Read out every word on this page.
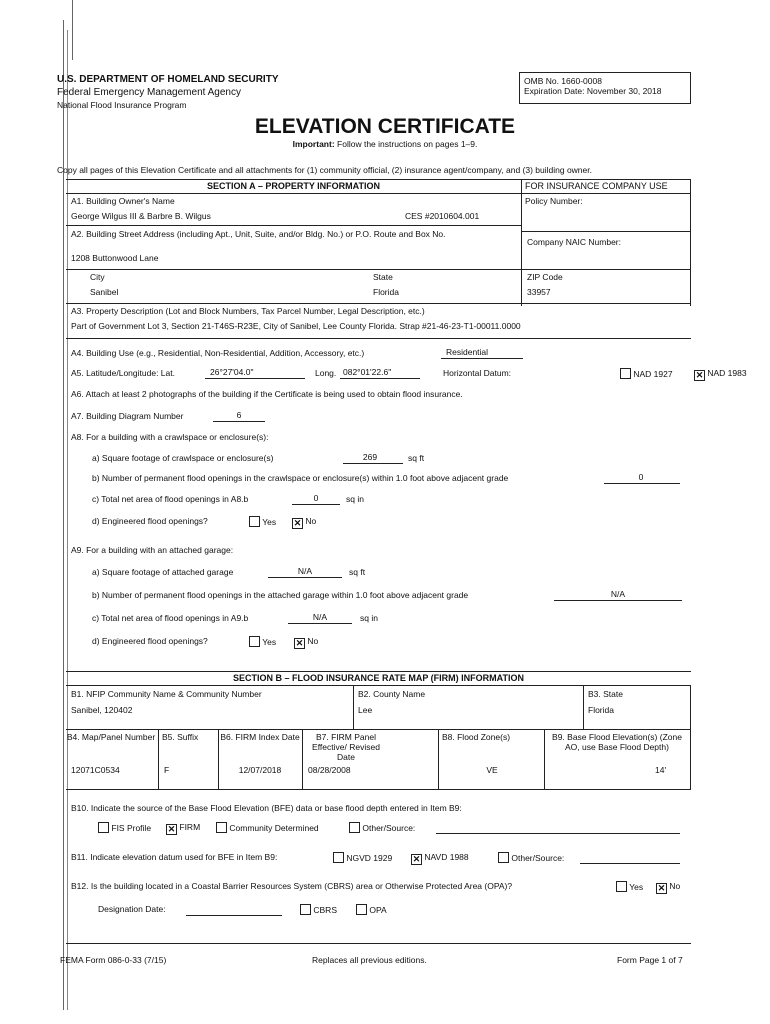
U.S. DEPARTMENT OF HOMELAND SECURITY
Federal Emergency Management Agency
National Flood Insurance Program
OMB No. 1660-0008
Expiration Date: November 30, 2018
ELEVATION CERTIFICATE
Important: Follow the instructions on pages 1–9.
Copy all pages of this Elevation Certificate and all attachments for (1) community official, (2) insurance agent/company, and (3) building owner.
SECTION A – PROPERTY INFORMATION	FOR INSURANCE COMPANY USE
A1. Building Owner's Name
George Wilgus III & Barbre B. Wilgus	CES #2010604.001
Policy Number:
A2. Building Street Address (including Apt., Unit, Suite, and/or Bldg. No.) or P.O. Route and Box No.
1208 Buttonwood Lane
Company NAIC Number:
City
Sanibel
State
Florida
ZIP Code
33957
A3. Property Description (Lot and Block Numbers, Tax Parcel Number, Legal Description, etc.)
Part of Government Lot 3, Section 21-T46S-R23E, City of Sanibel, Lee County Florida. Strap #21-46-23-T1-00011.0000
A4. Building Use (e.g., Residential, Non-Residential, Addition, Accessory, etc.)	Residential
A5. Latitude/Longitude: Lat.	26°27'04.0"	Long. 082°01'22.6"	Horizontal Datum:	NAD 1927	✕ NAD 1983
A6. Attach at least 2 photographs of the building if the Certificate is being used to obtain flood insurance.
A7. Building Diagram Number	6
A8. For a building with a crawlspace or enclosure(s):
a) Square footage of crawlspace or enclosure(s)	269	sq ft
b) Number of permanent flood openings in the crawlspace or enclosure(s) within 1.0 foot above adjacent grade	0
c) Total net area of flood openings in A8.b	0	sq in
d) Engineered flood openings?	Yes ✕ No
A9. For a building with an attached garage:
a) Square footage of attached garage	N/A	sq ft
b) Number of permanent flood openings in the attached garage within 1.0 foot above adjacent grade	N/A
c) Total net area of flood openings in A9.b	N/A	sq in
d) Engineered flood openings?	Yes ✕ No
SECTION B – FLOOD INSURANCE RATE MAP (FIRM) INFORMATION
B1. NFIP Community Name & Community Number
Sanibel, 120402
B2. County Name
Lee
B3. State
Florida
B4. Map/Panel Number
12071C0534
B5. Suffix
F
B6. FIRM Index Date
12/07/2018
B7. FIRM Panel Effective/ Revised Date
08/28/2008
B8. Flood Zone(s)
VE
B9. Base Flood Elevation(s) (Zone AO, use Base Flood Depth)
14'
B10. Indicate the source of the Base Flood Elevation (BFE) data or base flood depth entered in Item B9:
FIS Profile ✕ FIRM	Community Determined	Other/Source:
B11. Indicate elevation datum used for BFE in Item B9:	NGVD 1929 ✕ NAVD 1988	Other/Source:
B12. Is the building located in a Coastal Barrier Resources System (CBRS) area or Otherwise Protected Area (OPA)?	Yes ✕ No
Designation Date:	CBRS	OPA
FEMA Form 086-0-33 (7/15)	Replaces all previous editions.	Form Page 1 of 7
